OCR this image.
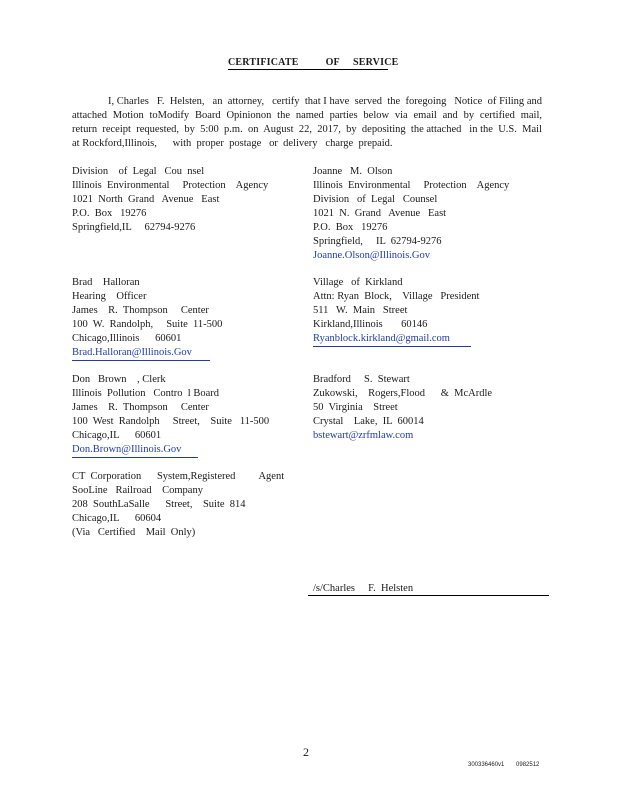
CERTIFICATE          OF     SERVICE
I, Charles   F.  Helsten,   an  attorney,   certify  that I have  served  the  foregoing   Notice  of Filing and  attached  Motion  toModify  Board  Opinionon  the  named  parties  below  via  email  and  by  certified  mail,  return  receipt  requested,  by  5:00  p.m.  on  August  22,  2017,  by  depositing  the attached   in the  U.S.  Mail  at Rockford,Illinois,      with  proper  postage   or  delivery   charge  prepaid.
Division    of  Legal   Cou  nsel
Illinois  Environmental     Protection    Agency
1021  North  Grand   Avenue   East
P.O.  Box   19276
Springfield,IL     62794-9276
Brad    Halloran
Hearing    Officer
James    R.  Thompson     Center
100  W.  Randolph,     Suite  11-500
Chicago,Illinois      60601
Brad.Halloran@Illinois.Gov
Don   Brown    , Clerk
Illinois  Pollution   Contro  l Board
James    R.  Thompson     Center
100  West  Randolph     Street,    Suite   11-500
Chicago,IL      60601
Don.Brown@Illinois.Gov
CT  Corporation      System,Registered         Agent
SooLine   Railroad    Company
208  SouthLaSalle      Street,    Suite  814
Chicago,IL      60604
(Via   Certified    Mail  Only)
Joanne   M.  Olson
Illinois  Environmental     Protection    Agency
Division   of  Legal   Counsel
1021  N.  Grand   Avenue   East
P.O.  Box   19276
Springfield,     IL  62794-9276
Joanne.Olson@Illinois.Gov
Village   of  Kirkland
Attn: Ryan  Block,    Village   President
511   W.  Main   Street
Kirkland,Illinois       60146
Ryanblock.kirkland@gmail.com
Bradford     S.  Stewart
Zukowski,    Rogers,Flood      &  McArdle
50  Virginia    Street
Crystal    Lake,  IL  60014
bstewart@zrfmlaw.com
/s/Charles     F.  Helsten
2
300336460v1       0982512
